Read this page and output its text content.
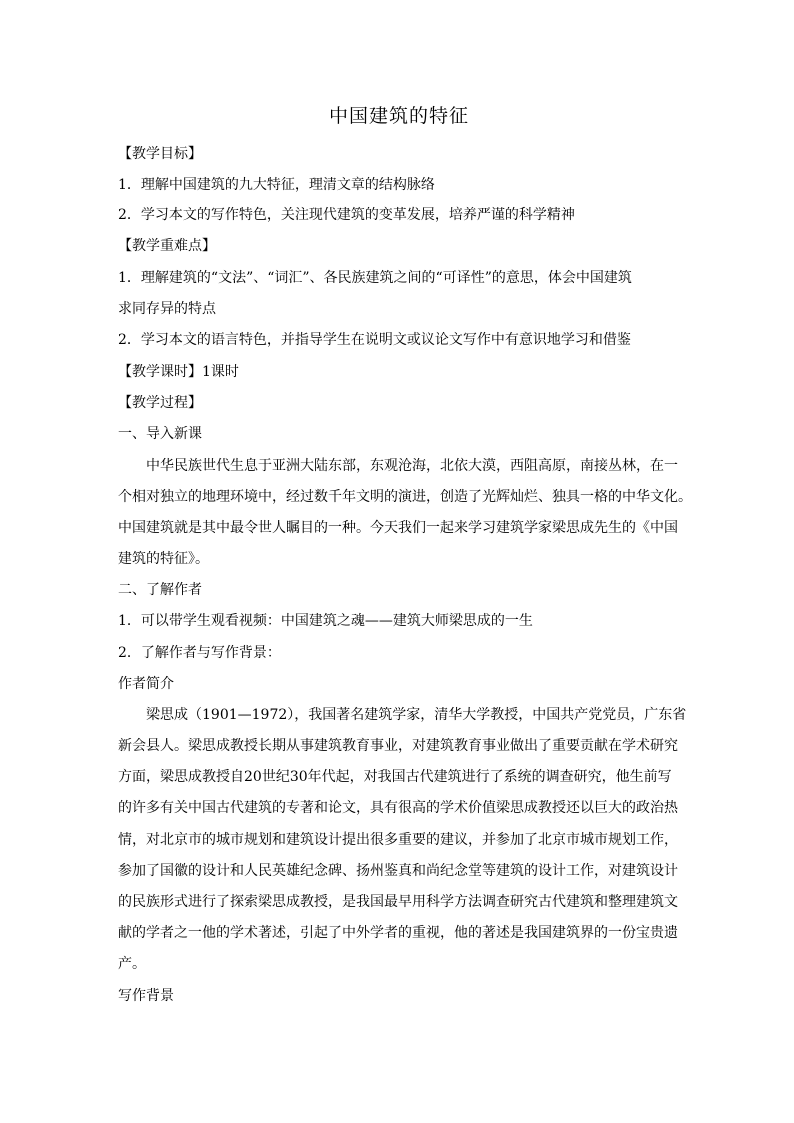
中国建筑的特征
【教学目标】
1．理解中国建筑的九大特征，理清文章的结构脉络
2．学习本文的写作特色，关注现代建筑的变革发展，培养严谨的科学精神
【教学重难点】
1．理解建筑的“文法”、“词汇”、各民族建筑之间的“可译性”的意思，体会中国建筑
求同存异的特点
2．学习本文的语言特色，并指导学生在说明文或议论文写作中有意识地学习和借鉴
【教学课时】1课时
【教学过程】
一、导入新课
中华民族世代生息于亚洲大陆东部，东观沧海，北依大漠，西阻高原，南接丛林，在一
个相对独立的地理环境中，经过数千年文明的演进，创造了光辉灿烂、独具一格的中华文化。
中国建筑就是其中最令世人瞩目的一种。今天我们一起来学习建筑学家梁思成先生的《中国
建筑的特征》。
二、了解作者
1．可以带学生观看视频：中国建筑之魂——建筑大师梁思成的一生
2．了解作者与写作背景：
作者简介
梁思成（1901—1972），我国著名建筑学家，清华大学教授，中国共产党党员，广东省
新会县人。梁思成教授长期从事建筑教育事业，对建筑教育事业做出了重要贡献在学术研究
方面，梁思成教授自20世纪30年代起，对我国古代建筑进行了系统的调查研究，他生前写
的许多有关中国古代建筑的专著和论文，具有很高的学术价值梁思成教授还以巨大的政治热
情，对北京市的城市规划和建筑设计提出很多重要的建议，并参加了北京市城市规划工作，
参加了国徽的设计和人民英雄纪念碑、扬州鉴真和尚纪念堂等建筑的设计工作，对建筑设计
的民族形式进行了探索梁思成教授，是我国最早用科学方法调查研究古代建筑和整理建筑文
献的学者之一他的学术著述，引起了中外学者的重视，他的著述是我国建筑界的一份宝贵遗
产。
写作背景
